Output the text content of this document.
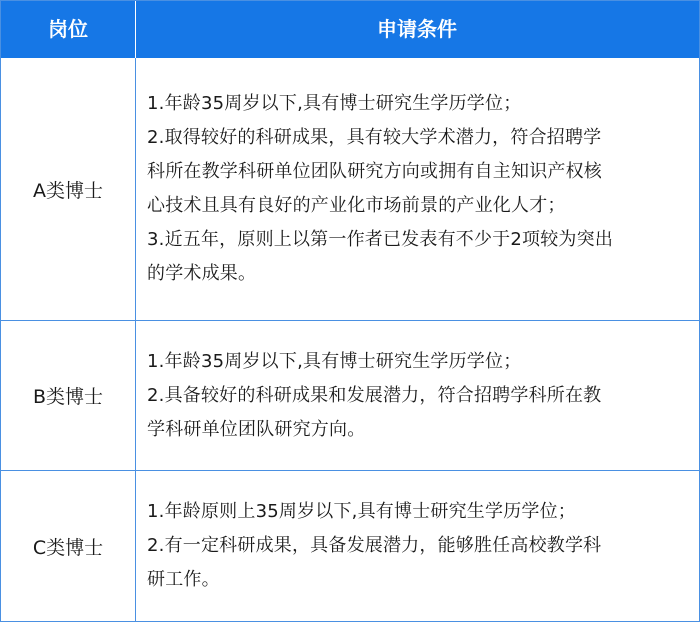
岗位	申请条件
A类博士
1.年龄35周岁以下,具有博士研究生学历学位；
2.取得较好的科研成果，具有较大学术潜力，符合招聘学
科所在教学科研单位团队研究方向或拥有自主知识产权核
心技术且具有良好的产业化市场前景的产业化人才；
3.近五年，原则上以第一作者已发表有不少于2项较为突出
的学术成果。
B类博士
1.年龄35周岁以下,具有博士研究生学历学位；
2.具备较好的科研成果和发展潜力，符合招聘学科所在教
学科研单位团队研究方向。
C类博士
1.年龄原则上35周岁以下,具有博士研究生学历学位；
2.有一定科研成果，具备发展潜力，能够胜任高校教学科
研工作。
